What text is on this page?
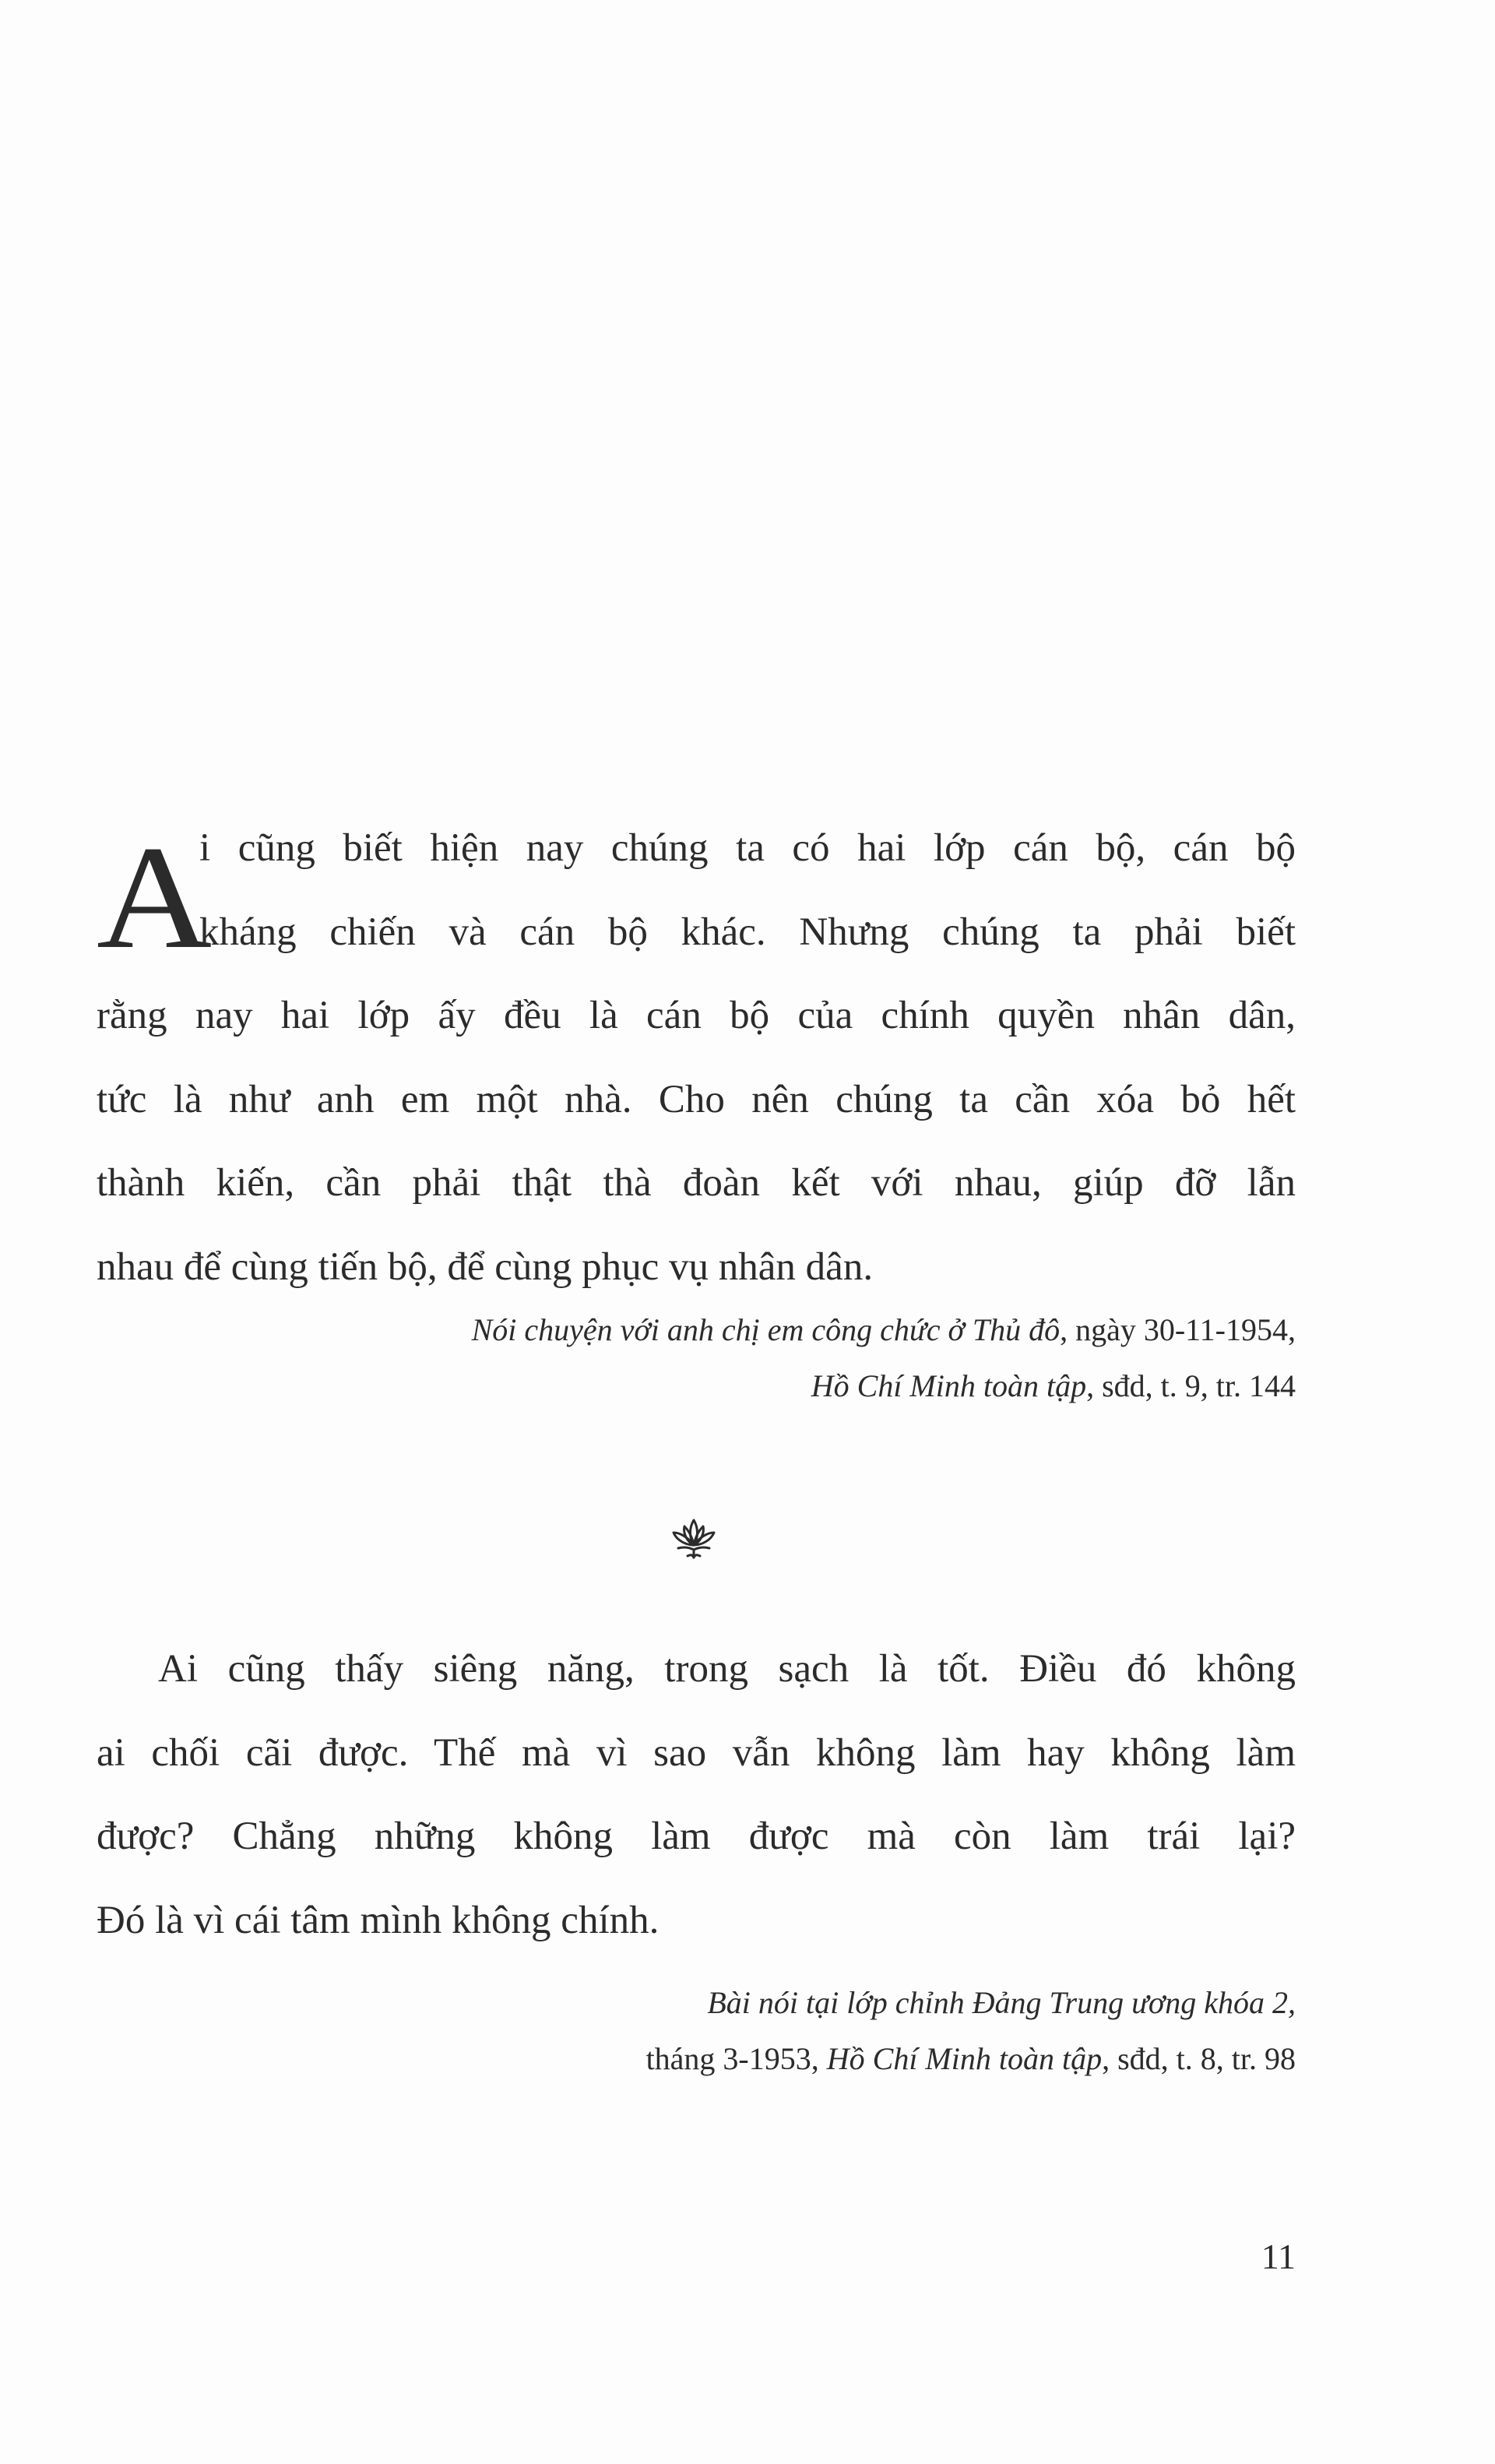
A
i cũng biết hiện nay chúng ta có hai lớp cán bộ, cán bộ
kháng chiến và cán bộ khác. Nhưng chúng ta phải biết
rằng nay hai lớp ấy đều là cán bộ của chính quyền nhân dân,
tức là như anh em một nhà. Cho nên chúng ta cần xóa bỏ hết
thành kiến, cần phải thật thà đoàn kết với nhau, giúp đỡ lẫn
nhau để cùng tiến bộ, để cùng phục vụ nhân dân.
Nói chuyện với anh chị em công chức ở Thủ đô, ngày 30-11-1954,
Hồ Chí Minh toàn tập, sđd, t. 9, tr. 144
Ai cũng thấy siêng năng, trong sạch là tốt. Điều đó không
ai chối cãi được. Thế mà vì sao vẫn không làm hay không làm
được? Chẳng những không làm được mà còn làm trái lại?
Đó là vì cái tâm mình không chính.
Bài nói tại lớp chỉnh Đảng Trung ương khóa 2,
tháng 3-1953, Hồ Chí Minh toàn tập, sđd, t. 8, tr. 98
11
